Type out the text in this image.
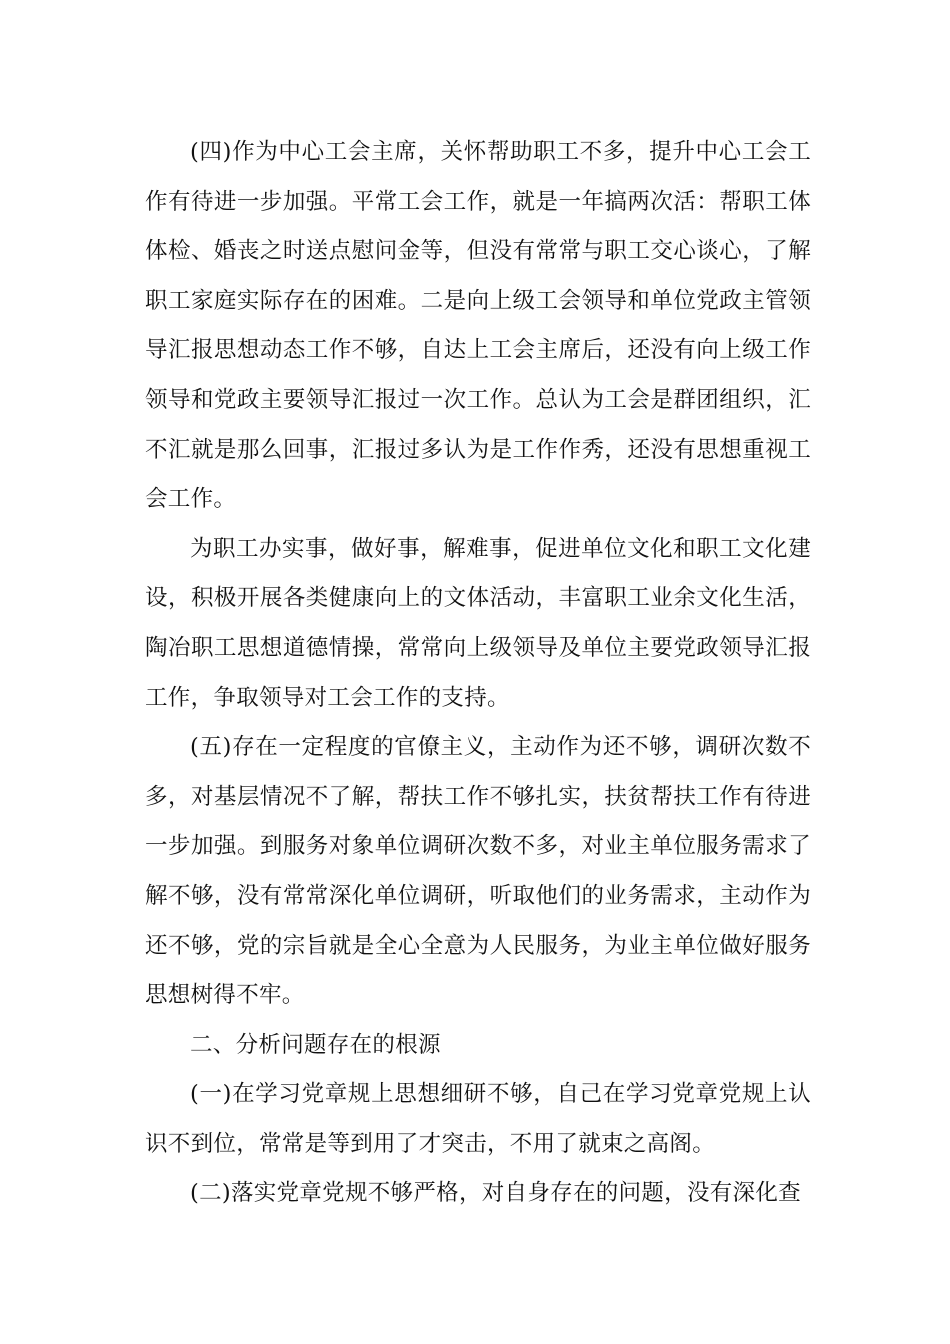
(四)作为中心工会主席，关怀帮助职工不多，提升中心工会工作有待进一步加强。平常工会工作，就是一年搞两次活：帮职工体体检、婚丧之时送点慰问金等，但没有常常与职工交心谈心，了解职工家庭实际存在的困难。二是向上级工会领导和单位党政主管领导汇报思想动态工作不够，自达上工会主席后，还没有向上级工作领导和党政主要领导汇报过一次工作。总认为工会是群团组织，汇不汇就是那么回事，汇报过多认为是工作作秀，还没有思想重视工会工作。

为职工办实事，做好事，解难事，促进单位文化和职工文化建设，积极开展各类健康向上的文体活动，丰富职工业余文化生活，陶冶职工思想道德情操，常常向上级领导及单位主要党政领导汇报工作，争取领导对工会工作的支持。

(五)存在一定程度的官僚主义，主动作为还不够，调研次数不多，对基层情况不了解，帮扶工作不够扎实，扶贫帮扶工作有待进一步加强。到服务对象单位调研次数不多，对业主单位服务需求了解不够，没有常常深化单位调研，听取他们的业务需求，主动作为还不够，党的宗旨就是全心全意为人民服务，为业主单位做好服务思想树得不牢。

二、分析问题存在的根源

(一)在学习党章规上思想细研不够，自己在学习党章党规上认识不到位，常常是等到用了才突击，不用了就束之高阁。

(二)落实党章党规不够严格，对自身存在的问题，没有深化查
